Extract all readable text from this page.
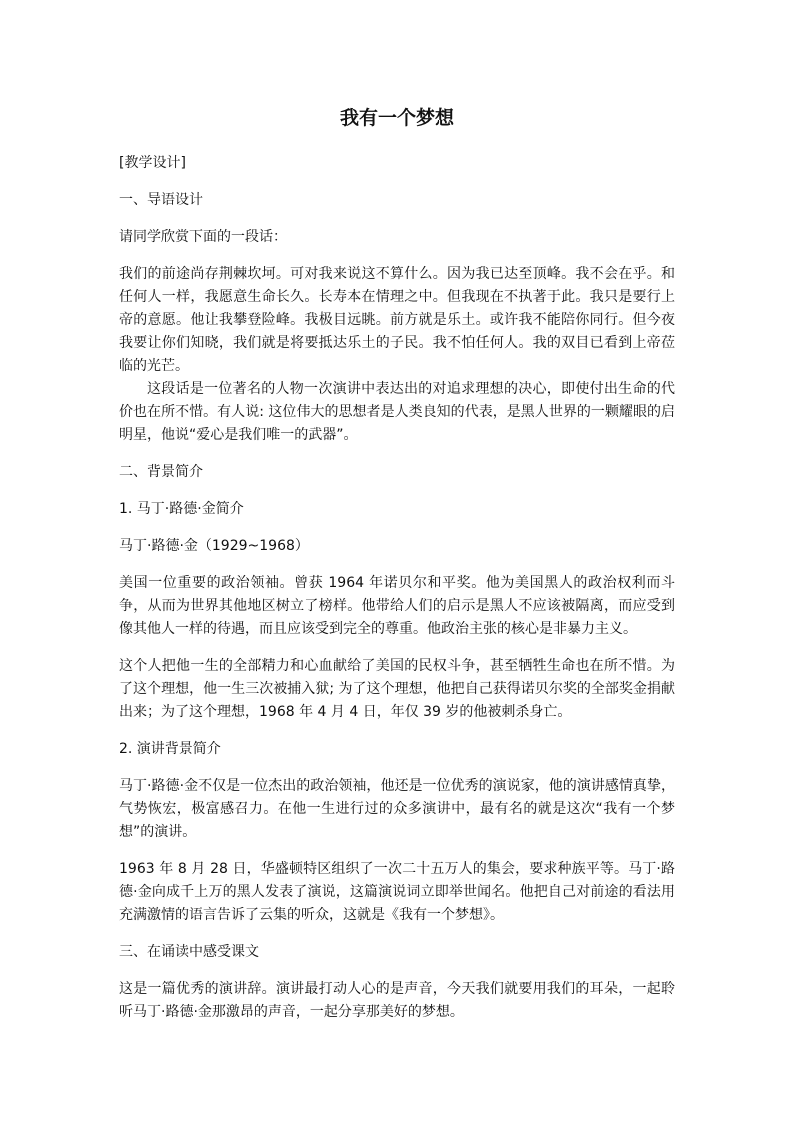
我有一个梦想
[教学设计]
一、导语设计
请同学欣赏下面的一段话：
我们的前途尚存荆棘坎坷。可对我来说这不算什么。因为我已达至顶峰。我不会在乎。和任何人一样，我愿意生命长久。长寿本在情理之中。但我现在不执著于此。我只是要行上帝的意愿。他让我攀登险峰。我极目远眺。前方就是乐土。或许我不能陪你同行。但今夜我要让你们知晓，我们就是将要抵达乐土的子民。我不怕任何人。我的双目已看到上帝莅临的光芒。
这段话是一位著名的人物一次演讲中表达出的对追求理想的决心，即使付出生命的代价也在所不惜。有人说: 这位伟大的思想者是人类良知的代表，是黑人世界的一颗耀眼的启明星，他说“爱心是我们唯一的武器”。
二、背景简介
1. 马丁·路德·金简介
马丁·路德·金（1929~1968）
美国一位重要的政治领袖。曾获 1964 年诺贝尔和平奖。他为美国黑人的政治权利而斗争，从而为世界其他地区树立了榜样。他带给人们的启示是黑人不应该被隔离，而应受到像其他人一样的待遇，而且应该受到完全的尊重。他政治主张的核心是非暴力主义。
这个人把他一生的全部精力和心血献给了美国的民权斗争，甚至牺牲生命也在所不惜。为了这个理想，他一生三次被捕入狱; 为了这个理想，他把自己获得诺贝尔奖的全部奖金捐献出来；为了这个理想，1968 年 4 月 4 日，年仅 39 岁的他被刺杀身亡。
2. 演讲背景简介
马丁·路德·金不仅是一位杰出的政治领袖，他还是一位优秀的演说家，他的演讲感情真挚，气势恢宏，极富感召力。在他一生进行过的众多演讲中，最有名的就是这次“我有一个梦想”的演讲。
1963 年 8 月 28 日，华盛顿特区组织了一次二十五万人的集会，要求种族平等。马丁·路德·金向成千上万的黑人发表了演说，这篇演说词立即举世闻名。他把自己对前途的看法用充满激情的语言告诉了云集的听众，这就是《我有一个梦想》。
三、在诵读中感受课文
这是一篇优秀的演讲辞。演讲最打动人心的是声音，今天我们就要用我们的耳朵，一起聆听马丁·路德·金那激昂的声音，一起分享那美好的梦想。
